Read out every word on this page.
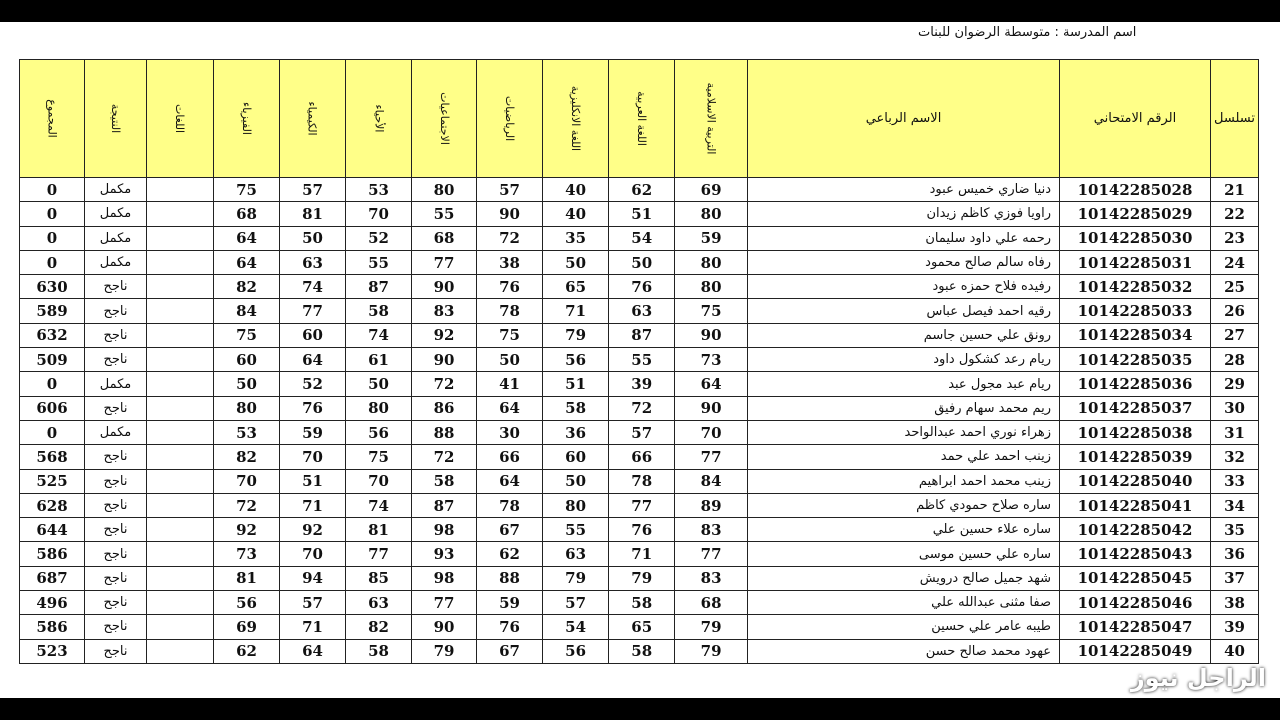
اسم المدرسة : متوسطة الرضوان للبنات
المجموع	النتيجة	اللغات	الفيزياء	الكيمياء	الأحياء	الاجتماعيات	الرياضيات	اللغة الانكليزية	اللغة العربية	التربية الاسلامية	الاسم الرباعي	الرقم الامتحاني	تسلسل
0	مكمل		75	57	53	80	57	40	62	69	دنيا ضاري خميس عبود	10142285028	21
0	مكمل		68	81	70	55	90	40	51	80	راويا فوزي كاظم زيدان	10142285029	22
0	مكمل		64	50	52	68	72	35	54	59	رحمه علي داود سليمان	10142285030	23
0	مكمل		64	63	55	77	38	50	50	80	رفاه سالم صالح محمود	10142285031	24
630	ناجح		82	74	87	90	76	65	76	80	رفيده فلاح حمزه عبود	10142285032	25
589	ناجح		84	77	58	83	78	71	63	75	رقيه احمد فيصل عباس	10142285033	26
632	ناجح		75	60	74	92	75	79	87	90	رونق علي حسين جاسم	10142285034	27
509	ناجح		60	64	61	90	50	56	55	73	ريام رعد كشكول داود	10142285035	28
0	مكمل		50	52	50	72	41	51	39	64	ريام عبد مجول عبد	10142285036	29
606	ناجح		80	76	80	86	64	58	72	90	ريم محمد سهام رفيق	10142285037	30
0	مكمل		53	59	56	88	30	36	57	70	زهراء نوري احمد عبدالواحد	10142285038	31
568	ناجح		82	70	75	72	66	60	66	77	زينب احمد علي حمد	10142285039	32
525	ناجح		70	51	70	58	64	50	78	84	زينب محمد احمد ابراهيم	10142285040	33
628	ناجح		72	71	74	87	78	80	77	89	ساره صلاح حمودي كاظم	10142285041	34
644	ناجح		92	92	81	98	67	55	76	83	ساره علاء حسين علي	10142285042	35
586	ناجح		73	70	77	93	62	63	71	77	ساره علي حسين موسى	10142285043	36
687	ناجح		81	94	85	98	88	79	79	83	شهد جميل صالح درويش	10142285045	37
496	ناجح		56	57	63	77	59	57	58	68	صفا مثنى عبدالله علي	10142285046	38
586	ناجح		69	71	82	90	76	54	65	79	طيبه عامر علي حسين	10142285047	39
523	ناجح		62	64	58	79	67	56	58	79	عهود محمد صالح حسن	10142285049	40
الراجل نيوز
